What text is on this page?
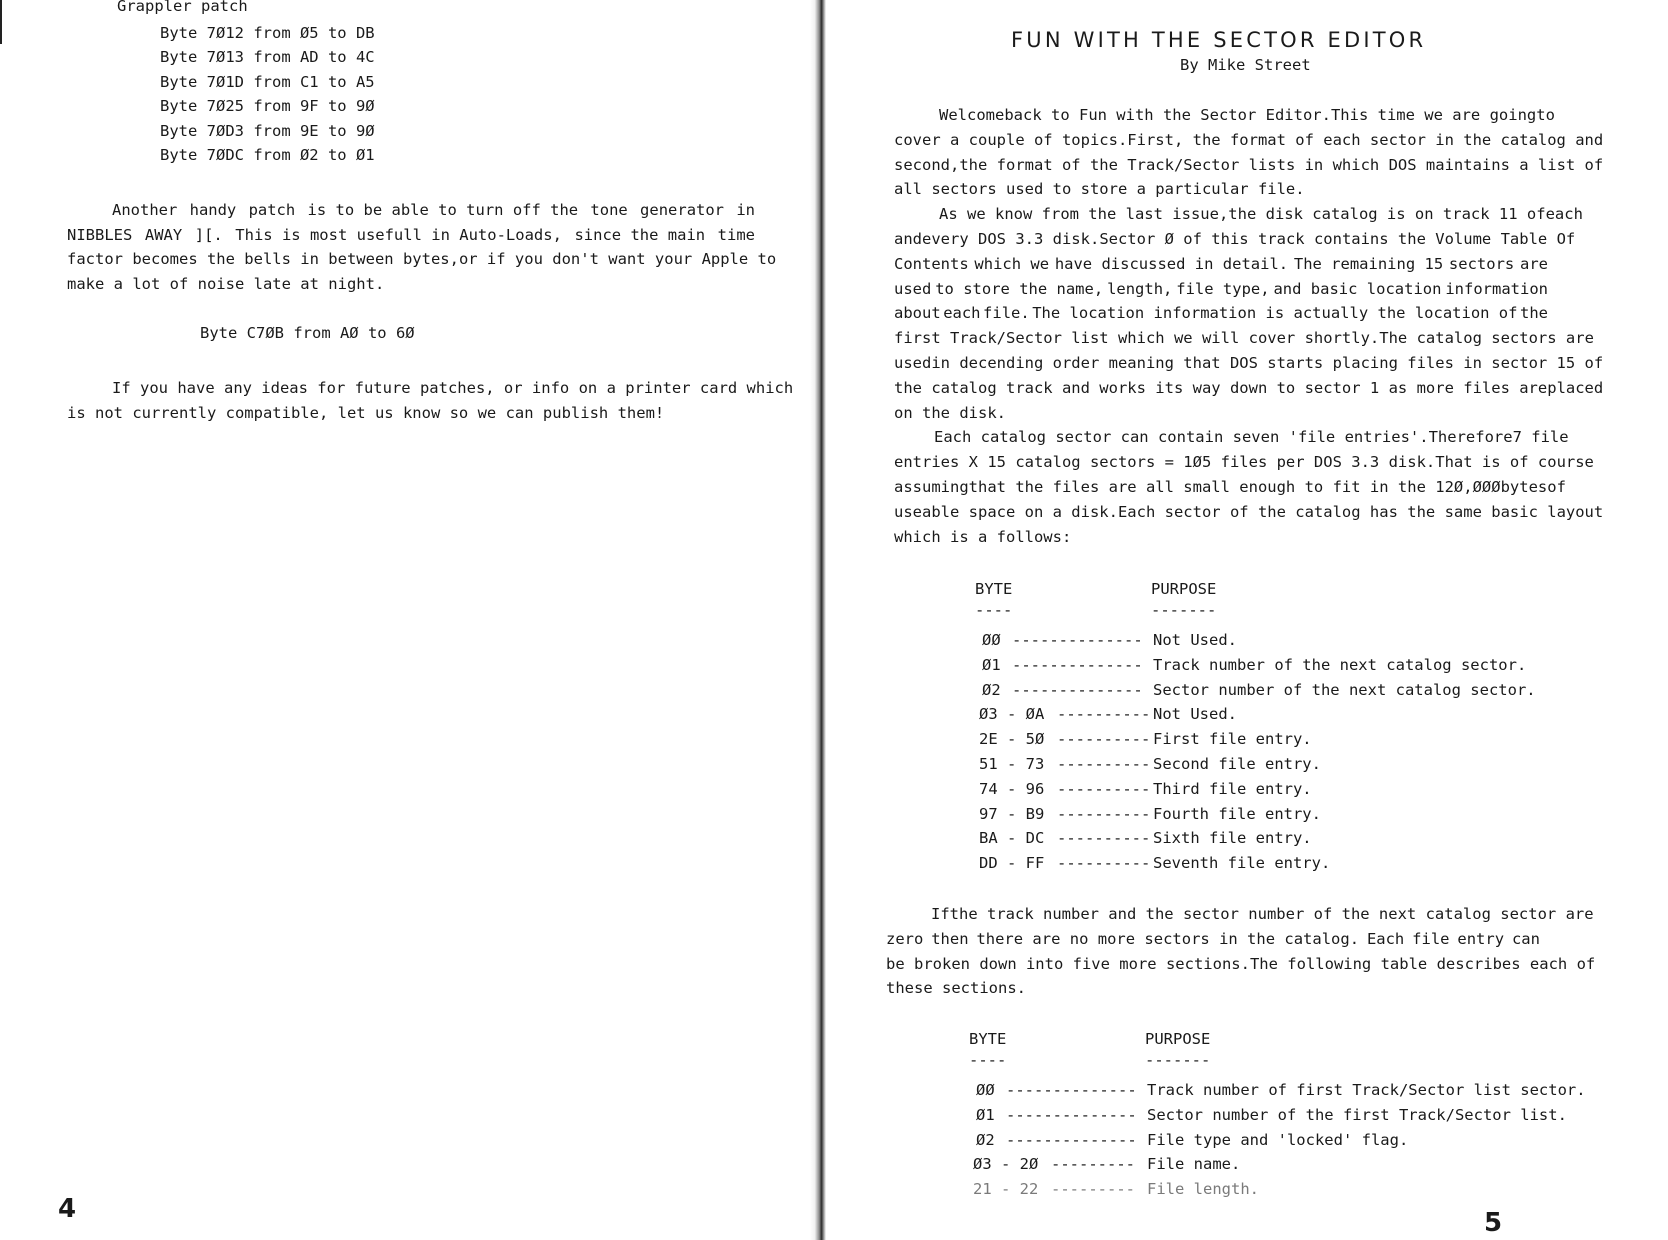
Grappler patch
Byte 7Ø12 from Ø5 to DB
Byte 7Ø13 from AD to 4C
Byte 7Ø1D from C1 to A5
Byte 7Ø25 from 9F to 9Ø
Byte 7ØD3 from 9E to 9Ø
Byte 7ØDC from Ø2 to Ø1
Another handy patch is to be able to turn off the tone generator in
NIBBLES AWAY ][. This is most usefull in Auto-Loads, since the main time
factor becomes the bells in between bytes, or if you don't want your Apple to
make a lot of noise late at night.
Byte C7ØB from AØ to 6Ø
If you have any ideas for future patches, or info on a printer card which
is not currently compatible, let us know so we can publish them!
4
FUN WITH THE SECTOR EDITOR
By Mike Street
Welcome back to Fun with the Sector Editor. This time we are going to
cover a couple of topics. First, the format of each sector in the catalog and
second, the format of the Track/Sector lists in which DOS maintains a list of
all sectors used to store a particular file.
As we know from the last issue, the disk catalog is on track 11 of each
and every DOS 3.3 disk. Sector Ø of this track contains the Volume Table Of
Contents which we have discussed in detail. The remaining 15 sectors are
used to store the name, length, file type, and basic location information
about each file. The location information is actually the location of the
first Track/Sector list which we will cover shortly. The catalog sectors are
used in decending order meaning that DOS starts placing files in sector 15 of
the catalog track and works its way down to sector 1 as more files are placed
on the disk.
Each catalog sector can contain seven 'file entries'. Therefore 7 file
entries X 15 catalog sectors = 1Ø5 files per DOS 3.3 disk. That is of course
assuming that the files are all small enough to fit in the 12Ø,ØØØ bytes of
useable space on a disk. Each sector of the catalog has the same basic layout
which is a follows:
BYTE	PURPOSE
----	-------
ØØ -------------- Not Used.
Ø1 -------------- Track number of the next catalog sector.
Ø2 -------------- Sector number of the next catalog sector.
Ø3 - ØA ---------- Not Used.
2E - 5Ø ---------- First file entry.
51 - 73 ---------- Second file entry.
74 - 96 ---------- Third file entry.
97 - B9 ---------- Fourth file entry.
BA - DC ---------- Sixth file entry.
DD - FF ---------- Seventh file entry.
If the track number and the sector number of the next catalog sector are
zero then there are no more sectors in the catalog. Each file entry can
be broken down into five more sections. The following table describes each of
these sections.
BYTE	PURPOSE
----	-------
ØØ -------------- Track number of first Track/Sector list sector.
Ø1 -------------- Sector number of the first Track/Sector list.
Ø2 -------------- File type and 'locked' flag.
Ø3 - 2Ø --------- File name.
21 - 22 --------- File length.
5
